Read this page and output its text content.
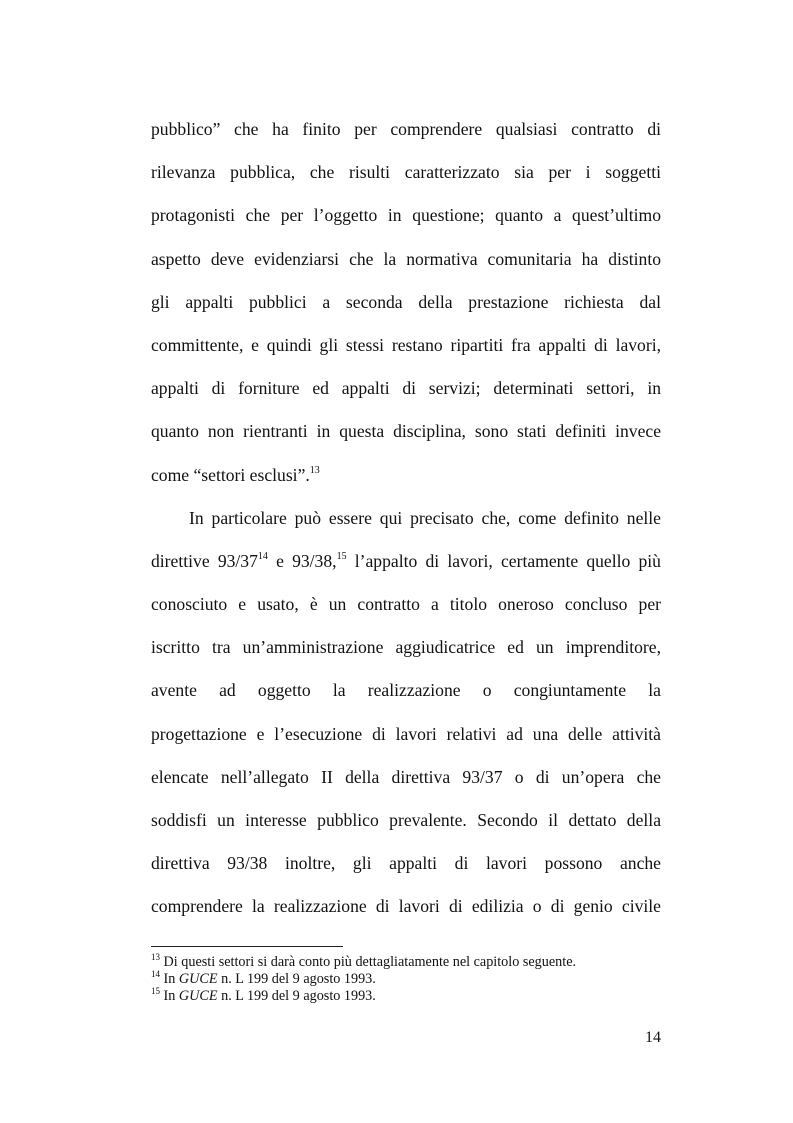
pubblico” che ha finito per comprendere qualsiasi contratto di
rilevanza pubblica, che risulti caratterizzato sia per i soggetti
protagonisti che per l’oggetto in questione; quanto a quest’ultimo
aspetto deve evidenziarsi che la normativa comunitaria ha distinto
gli appalti pubblici a seconda della prestazione richiesta dal
committente, e quindi gli stessi restano ripartiti fra appalti di lavori,
appalti di forniture ed appalti di servizi; determinati settori, in
quanto non rientranti in questa disciplina, sono stati definiti invece
come “settori esclusi”.$^{13}$
In particolare può essere qui precisato che, come definito nelle
direttive $93/37^{14}$ e 93/38,15 l’appalto di lavori, certamente quello più
conosciuto e usato, è un contratto a titolo oneroso concluso per
iscritto tra un’amministrazione aggiudicatrice ed un imprenditore,
avente ad oggetto la realizzazione o congiuntamente la
progettazione e l’esecuzione di lavori relativi ad una delle attività
elencate nell’allegato II della direttiva 93/37 o di un’opera che
soddisfi un interesse pubblico prevalente. Secondo il dettato della
direttiva 93/38 inoltre, gli appalti di lavori possono anche
comprendere la realizzazione di lavori di edilizia o di genio civile
$^{13}$ Di questi settori si darà conto più dettagliatamente nel capitolo seguente.
$^{14}$ In GUCE n. L 199 del 9 agosto 1993.
$^{15}$ In GUCE n. L 199 del 9 agosto 1993.
14
